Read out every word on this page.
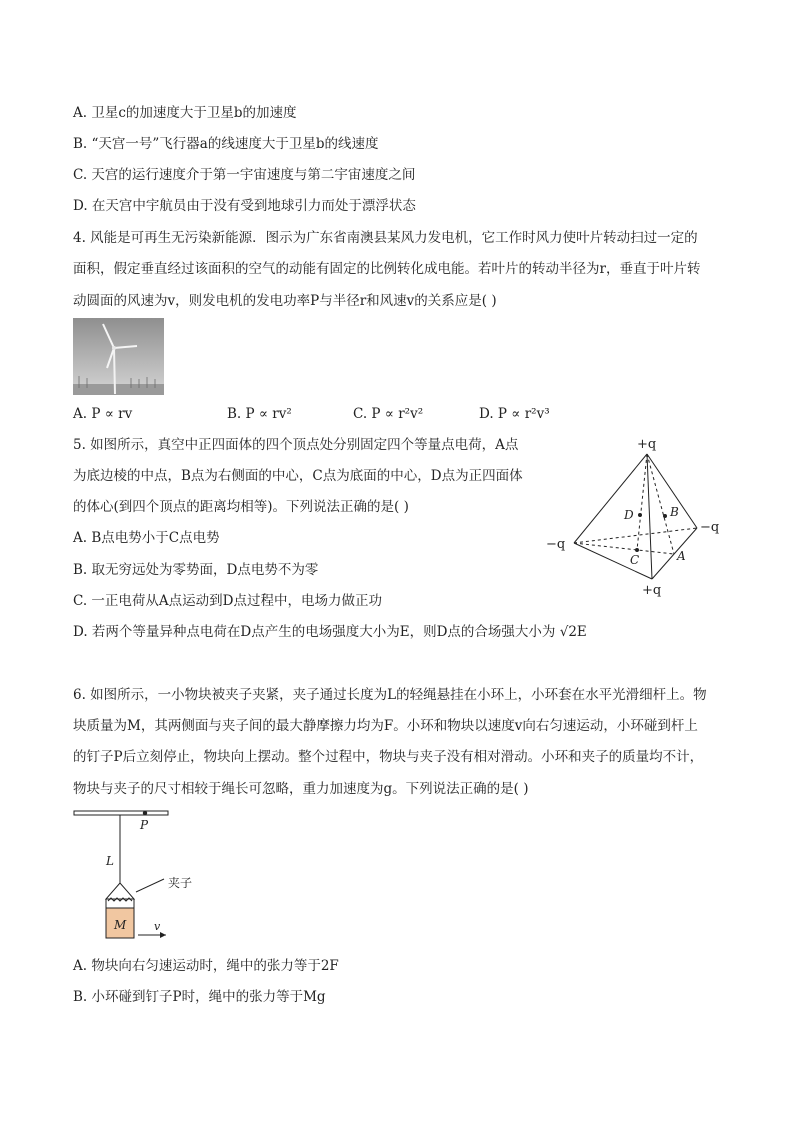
A. 卫星c的加速度大于卫星b的加速度
B. “天宫一号”飞行器a的线速度大于卫星b的线速度
C. 天宫的运行速度介于第一宇宙速度与第二宇宙速度之间
D. 在天宫中宇航员由于没有受到地球引力而处于漂浮状态
4. 风能是可再生无污染新能源．图示为广东省南澳县某风力发电机，它工作时风力使叶片转动扫过一定的
面积，假定垂直经过该面积的空气的动能有固定的比例转化成电能。若叶片的转动半径为r，垂直于叶片转
动圆面的风速为v，则发电机的发电功率P与半径r和风速v的关系应是( )
A. P ∝ rv	B. P ∝ rv²	C. P ∝ r²v²	D. P ∝ r²v³
5. 如图所示，真空中正四面体的四个顶点处分别固定四个等量点电荷，A点
为底边棱的中点，B点为右侧面的中心，C点为底面的中心，D点为正四面体
的体心(到四个顶点的距离均相等)。下列说法正确的是( )
A. B点电势小于C点电势
B. 取无穷远处为零势面，D点电势不为零
C. 一正电荷从A点运动到D点过程中，电场力做正功
D. 若两个等量异种点电荷在D点产生的电场强度大小为E，则D点的合场强大小为 √2E
+q
+q
−q
−q
A
B
C
D
6. 如图所示，一小物块被夹子夹紧，夹子通过长度为L的轻绳悬挂在小环上，小环套在水平光滑细杆上。物
块质量为M，其两侧面与夹子间的最大静摩擦力均为F。小环和物块以速度v向右匀速运动，小环碰到杆上
的钉子P后立刻停止，物块向上摆动。整个过程中，物块与夹子没有相对滑动。小环和夹子的质量均不计，
物块与夹子的尺寸相较于绳长可忽略，重力加速度为g。下列说法正确的是( )
P
L
夹子
M	v
A. 物块向右匀速运动时，绳中的张力等于2F
B. 小环碰到钉子P时，绳中的张力等于Mg
